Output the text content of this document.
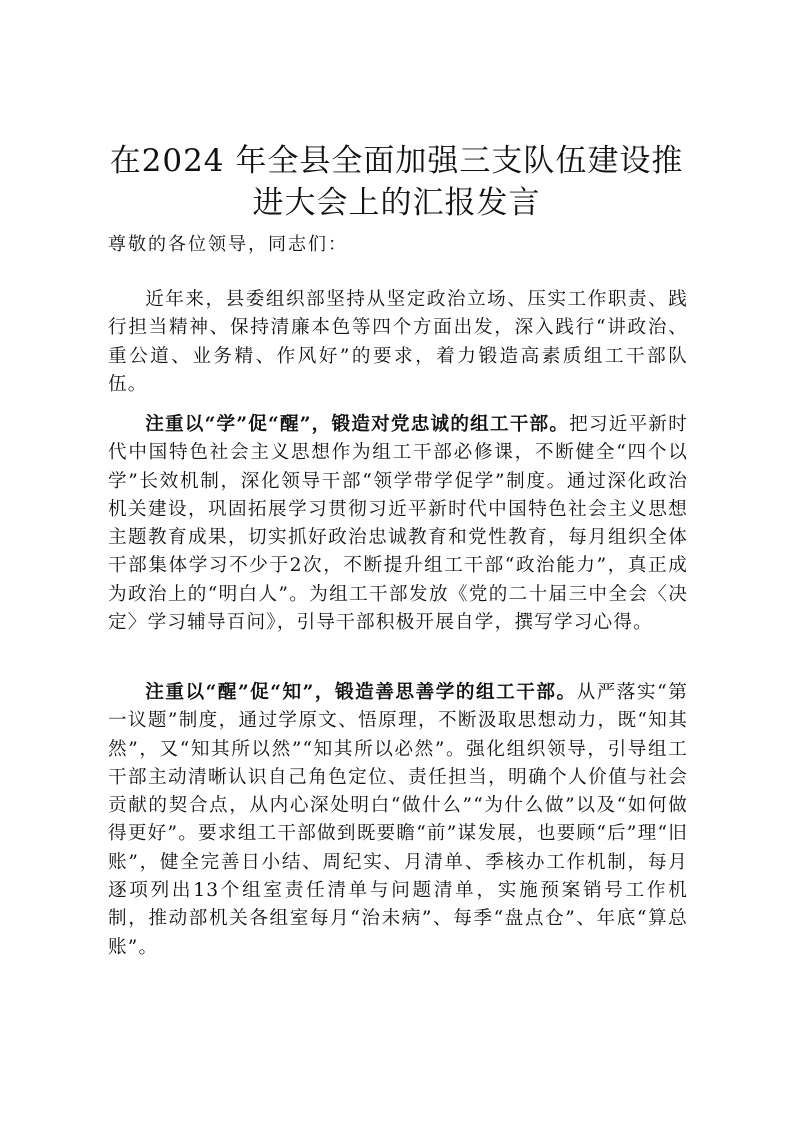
在2024 年全县全面加强三支队伍建设推进大会上的汇报发言

尊敬的各位领导，同志们：

近年来，县委组织部坚持从坚定政治立场、压实工作职责、践行担当精神、保持清廉本色等四个方面出发，深入践行“讲政治、重公道、业务精、作风好”的要求，着力锻造高素质组工干部队伍。

注重以“学”促“醒”，锻造对党忠诚的组工干部。把习近平新时代中国特色社会主义思想作为组工干部必修课，不断健全“四个以学”长效机制，深化领导干部“领学带学促学”制度。通过深化政治机关建设，巩固拓展学习贯彻习近平新时代中国特色社会主义思想主题教育成果，切实抓好政治忠诚教育和党性教育，每月组织全体干部集体学习不少于2次，不断提升组工干部“政治能力”，真正成为政治上的“明白人”。为组工干部发放《党的二十届三中全会〈决定〉学习辅导百问》，引导干部积极开展自学，撰写学习心得。

注重以“醒”促“知”，锻造善思善学的组工干部。从严落实“第一议题”制度，通过学原文、悟原理，不断汲取思想动力，既“知其然”，又“知其所以然”“知其所以必然”。强化组织领导，引导组工干部主动清晰认识自己角色定位、责任担当，明确个人价值与社会贡献的契合点，从内心深处明白“做什么”“为什么做”以及“如何做得更好”。要求组工干部做到既要瞻“前”谋发展，也要顾“后”理“旧账”，健全完善日小结、周纪实、月清单、季核办工作机制，每月逐项列出13个组室责任清单与问题清单，实施预案销号工作机制，推动部机关各组室每月“治未病”、每季“盘点仓”、年底“算总账”。
